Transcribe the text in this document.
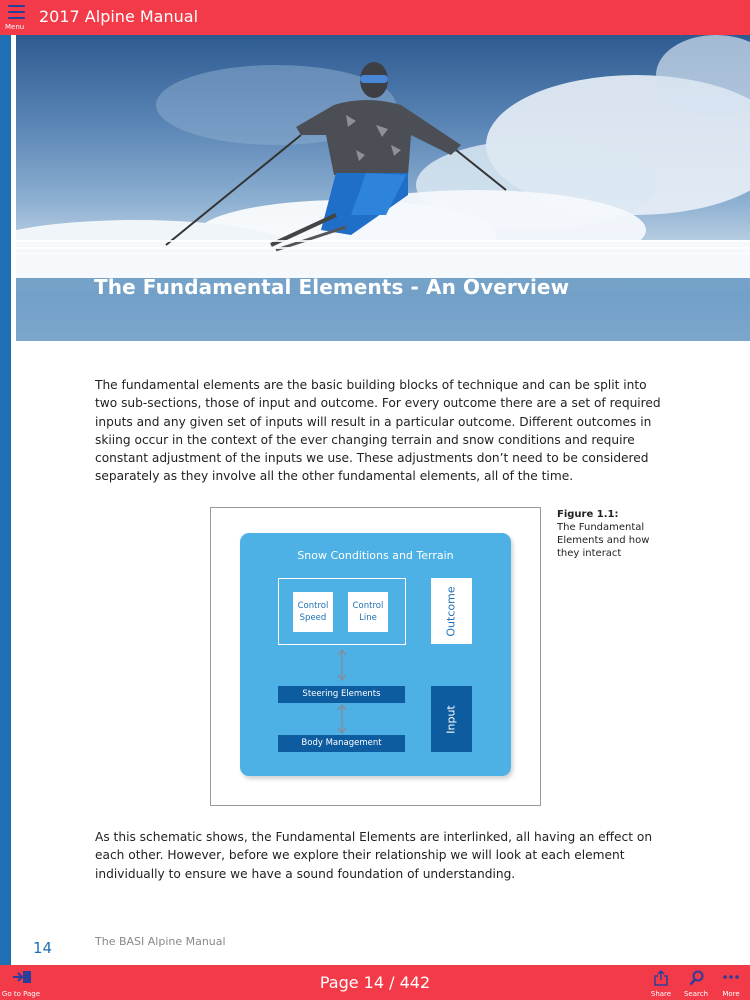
Menu
2017 Alpine Manual
The Fundamental Elements - An Overview
The fundamental elements are the basic building blocks of technique and can be split into two sub-sections, those of input and outcome. For every outcome there are a set of required inputs and any given set of inputs will result in a particular outcome. Different outcomes in skiing occur in the context of the ever changing terrain and snow conditions and require constant adjustment of the inputs we use. These adjustments don’t need to be considered separately as they involve all the other fundamental elements, all of the time.
Snow Conditions and Terrain
Control
Speed
Control
Line	Outcome
Steering Elements
Body Management
Input
Figure 1.1:
The Fundamental Elements and how they interact
As this schematic shows, the Fundamental Elements are interlinked, all having an effect on each other. However, before we explore their relationship we will look at each element individually to ensure we have a sound foundation of understanding.
14	The BASI Alpine Manual
Go to Page
Page 14 / 442
Share	Search	More
